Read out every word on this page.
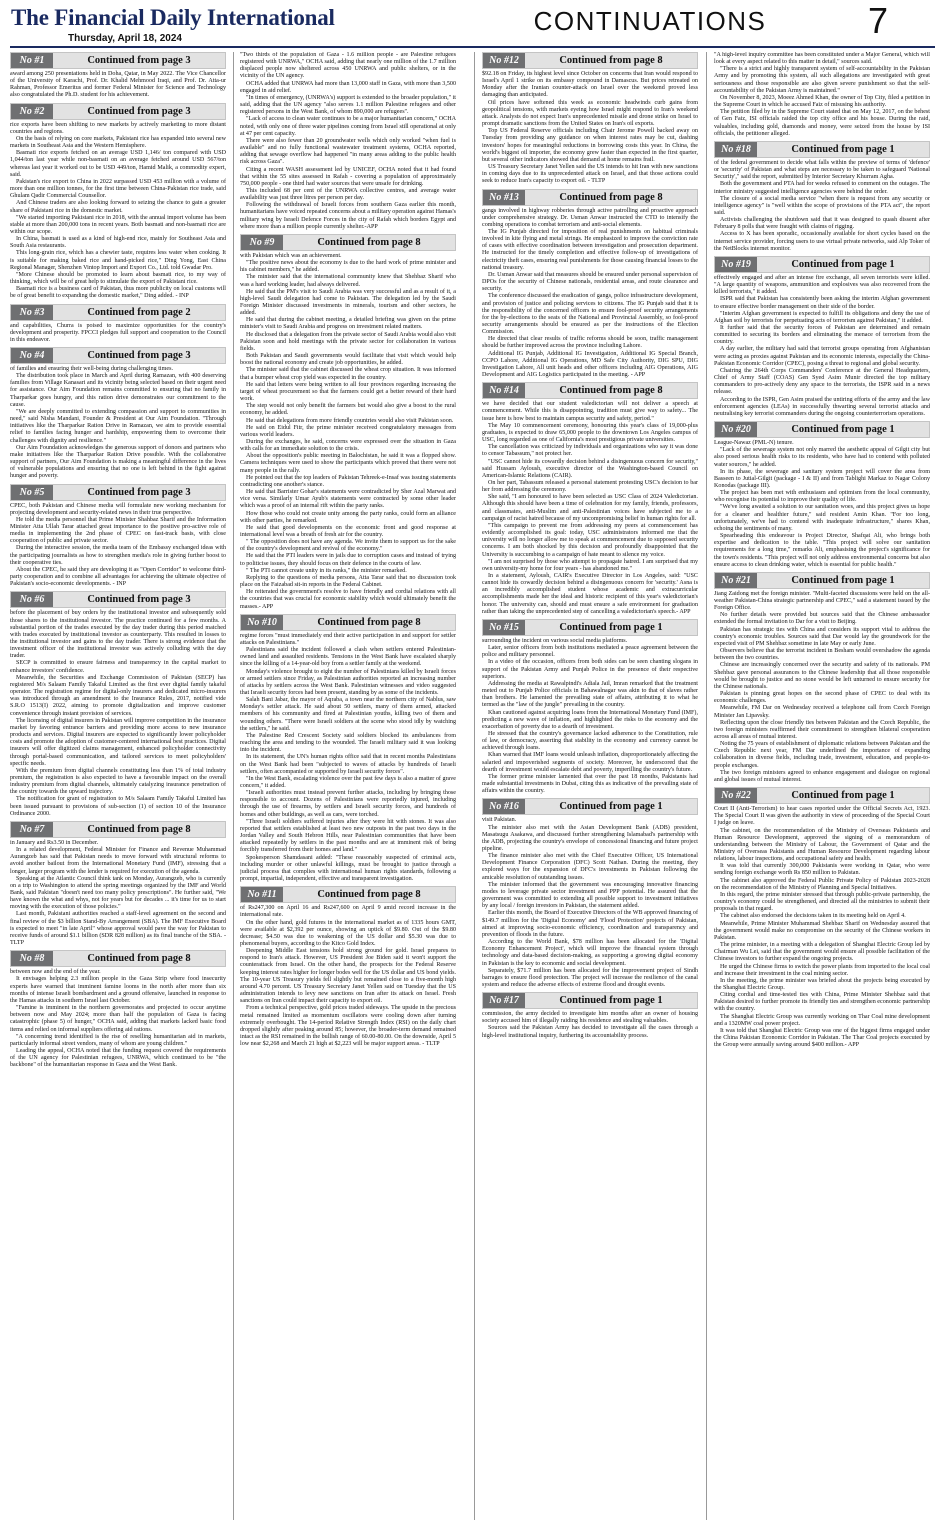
The Financial Daily International
Thursday, April 18, 2024
CONTINUATIONS	7
No #1	Continued from page 3

award among 250 presentations held in Doha, Qatar, in May 2022. The Vice Chancellor of the University of Karachi, Prof. Dr. Khalid Mehmood Iraqi, and Prof. Dr. Atta-ur Rahman, Professor Emeritus and former Federal Minister for Science and Technology also congratulated the Ph.D. student for his achievement.

No #2	Continued from page 3

rice exports have been shifting to new markets by actively marketing to more distant countries and regions.

On the basis of relying on core markets, Pakistani rice has expanded into several new markets in Southeast Asia and the Western Hemisphere.

Basmati rice exports fetched on an average USD 1,146/ ton compared with USD 1,044/ton last year while non-basmati on an average fetched around USD 567/ton whereas last year it worked out to be USD 449/ton, Hamid Malik, a commodity expert, said.

Pakistan's rice export to China in 2022 surpassed USD 453 million with a volume of more than one million tonnes, for the first time between China-Pakistan rice trade, said Ghulam Qadir Commercial Counsellor.

And Chinese traders are also looking forward to seizing the chance to gain a greater share of Pakistani rice in the domestic market.

"We started importing Pakistani rice in 2018, with the annual import volume has been stable at more than 200,000 tons in recent years. Both basmati and non-basmati rice are within our scope.

In China, basmati is used as a kind of high-end rice, mainly for Southeast Asia and South Asia restaurants.

This long-grain rice, which has a chewier taste, requires less water when cooking. It is suitable for making baked rice and hand-picked rice," Ding Yong, East China Regional Manager, Shenzhen Vintop Import and Export Co., Ltd. told Gwadar Pro.

"More Chinese should be promoted to learn about basmati rice, to my way of thinking, which will be of great help to stimulate the export of Pakistani rice.

Basmati rice is a business card of Pakistan, thus more publicity on local customs will be of great benefit to expanding the domestic market," Ding added. - INP

No #3	Continued from page 2

and capabilities, Churra is poised to maximize opportunities for the country's development and prosperity. FPCCI pledges full support and cooperation to the Council in this endeavor.

No #4	Continued from page 3

of families and ensuring their well-being during challenging times.

The distribution took place in March and April during Ramazan, with 400 deserving families from Village Kanasari and its vicinity being selected based on their urgent need for assistance. Our Aim Foundation remains committed to ensuring that no family in Tharparkar goes hungry, and this ration drive demonstrates our commitment to the cause.

"We are deeply committed to extending compassion and support to communities in need," said Nisha Mandani, Founder & President at Our Aim Foundation. "Through initiatives like the Tharparkar Ration Drive in Ramazan, we aim to provide essential relief to families facing hunger and hardship, empowering them to overcome their challenges with dignity and resilience."

Our Aim Foundation acknowledges the generous support of donors and partners who make initiatives like the Tharparkar Ration Drive possible. With the collaborative support of partners, Our Aim Foundation is making a meaningful difference in the lives of vulnerable populations and ensuring that no one is left behind in the fight against hunger and poverty.

No #5	Continued from page 3

CPEC, both Pakistan and Chinese media will formulate new working mechanism for projecting development and security-related news in their true perspective.

He told the media personnel that Prime Minister Shahbaz Sharif and the Information Minister Atta Ullah Tarar attached great importance to the positive pro-active role of media in implementing the 2nd phase of CPEC on fast-track basis, with close cooperation of public and private sector.

During the interactive session, the media team of the Embassy exchanged ideas with the participating journalists as how to strengthen media's role in giving further boost to their cooperative ties.

About the CPEC, he said they are developing it as "Open Corridor" to welcome third-party cooperation and to combine all advantages for achieving the ultimate objective of Pakistan's socio-economic developments. - INP

No #6	Continued from page 3

before the placement of buy orders by the institutional investor and subsequently sold those shares to the institutional investor. The practice continued for a few months. A substantial portion of the trades executed by the day trader during this period matched with trades executed by institutional investor as counterparty. This resulted in losses to the institutional investor and gains to the day trader. There is strong evidence that the investment officer of the institutional investor was actively colluding with the day trader.

SECP is committed to ensure fairness and transparency in the capital market to enhance investors' confidence.

Meanwhile, the Securities and Exchange Commission of Pakistan (SECP) has registered M/s Salaam Family Takaful Limited as the first ever digital family takaful operator. The registration regime for digital-only insurers and dedicated micro-insurers was introduced through an amendment to the Insurance Rules, 2017, notified vide S.R.O 1513(I) 2022, aiming to promote digitalization and improve customer convenience through instant provision of services.

The licensing of digital insurers in Pakistan will improve competition in the insurance market by favoring entrance barriers and providing more access to new insurance products and services. Digital insurers are expected to significantly lower policyholder costs and promote the adoption of customer-centered international best practices. Digital insurers will offer digitized claims management, enhanced policyholder connectivity through portal-based communication, and tailored services to meet policyholders' specific needs.

With the premium from digital channels constituting less than 1% of total industry premium, the registration is also expected to have a favourable impact on the overall industry premium from digital channels, ultimately catalyzing insurance penetration of the country towards the upward trajectory.

The notification for grant of registration to M/s Salaam Family Takaful Limited has been issued pursuant to provisions of sub-section (1) of section 10 of the Insurance Ordinance 2000.

No #7	Continued from page 8

in January and Rs3.50 in December.

In a related development, Federal Minister for Finance and Revenue Muhammad Aurangzeb has said that Pakistan needs to move forward with structural reforms to avoid another bailout from the International Monetary Fund (IMF), stressing that a longer, larger program with the lender is required for execution of the agenda.

Speaking at the Atlantic Council think tank on Monday, Aurangzeb, who is currently on a trip to Washington to attend the spring meetings organized by the IMF and World Bank, said Pakistan "doesn't need too many policy prescriptions". He further said, "We have known the what and whys, not for years but for decades ... it's time for us to start moving with the execution of those policies."

Last month, Pakistani authorities reached a staff-level agreement on the second and final review of the $3 billion Stand-By Arrangement (SBA). The IMF Executive Board is expected to meet "in late April" whose approval would pave the way for Pakistan to receive funds of around $1.1 billion (SDR 828 million) as its final tranche of the SBA. - TLTP

No #8	Continued from page 8

between now and the end of the year.

It envisages helping 2.3 million people in the Gaza Strip where food insecurity experts have warned that imminent famine looms in the north after more than six months of intense Israeli bombardment and a ground offensive, launched in response to the Hamas attacks in southern Israel last October.

"Famine is imminent in the northern governorates and projected to occur anytime between now and May 2024; more than half the population of Gaza is facing catastrophic (phase 5) of hunger," OCHA said, adding that markets lacked basic food items and relied on informal suppliers offering aid rations.

"A concerning trend identified is the rise of reselling humanitarian aid in markets, particularly informal street vendors, many of whom are young children."

Leading the appeal, OCHA noted that the funding request covered the requirements of the UN agency for Palestinian refugees, UNRWA, which continued to be "the backbone" of the humanitarian response in Gaza and the West Bank.

"Two thirds of the population of Gaza - 1.6 million people - are Palestine refugees registered with UNRWA," OCHA said, adding that nearly one million of the 1.7 million displaced people now sheltered across 450 UNRWA and public shelters, or in the vicinity of the UN agency.

OCHA added that UNRWA had more than 13,000 staff in Gaza, with more than 3,500 engaged in aid relief.

"In times of emergency, (UNRWA's) support is extended to the broader population," it said, adding that the UN agency "also serves 1.1 million Palestine refugees and other registered persons in the West Bank, of whom 890,000 are refugees".

"Lack of access to clean water continues to be a major humanitarian concern," OCHA noted, with only one of three water pipelines coming from Israel still operational at only at 47 per cent capacity.

There were also fewer than 20 groundwater wells which only worked "when fuel is available" and no fully functional wastewater treatment systems, OCHA reported, adding that sewage overflow had happened "in many areas adding to the public health risk across Gaza".

Citing a recent WASH assessment led by UNICEF, OCHA noted that it had found that within the 55 sites assessed in Rafah - covering a population of approximately 750,000 people - one third had water sources that were unsafe for drinking.

This included 68 per cent of the UNRWA collective centres, and average water availability was just three litres per person per day.

Following the withdrawal of Israeli forces from southern Gaza earlier this month, humanitarians have voiced repeated concerns about a military operation against Hamas's military wing by Israeli Defence Forces in the city of Rafah which borders Egypt and where more than a million people currently shelter.-APP

No #9	Continued from page 8

with Pakistan which was an achievement.

"The positive news about the economy is due to the hard work of prime minister and his cabinet members," he added.

The minister said that the international community knew that Shehbaz Sharif who was a hard working leader, had always delivered.

He said that the PM's visit to Saudi Arabia was very successful and as a result of it, a high-level Saudi delegation had come to Pakistan. The delegation led by the Saudi Foreign Minister discussed investments in minerals, tourism and other sectors, he added.

He said that during the cabinet meeting, a detailed briefing was given on the prime minister's visit to Saudi Arabia and progress on investment related matters.

He disclosed that a delegation from the private sector of Saudi Arabia would also visit Pakistan soon and hold meetings with the private sector for collaboration in various fields.

Both Pakistan and Saudi governments would facilitate that visit which would help boost the national economy and create job opportunities, he added.

The minister said that the cabinet discussed the wheat crop situation. It was informed that a bumper wheat crop yield was expected in the country.

He said that letters were being written to all four provinces regarding increasing the target of wheat procurement so that the farmers could get a better reward of their hard work.

The step would not only benefit the farmers but would also give a boost to the rural economy, he added.

He said that delegations from more friendly countries would also visit Pakistan soon.

He said on Eidul Fitr, the prime minister received congratulatory messages from various world leaders.

During the exchanges, he said, concerns were expressed over the situation in Gaza with calls for an immediate solution to the crisis.

About the opposition's public meeting in Balochistan, he said it was a flopped show. Camera techniques were used to show the participants which proved that there were not many people in the rally.

He pointed out that the top leaders of Pakistan Tehreek-e-Insaf was issuing statements contradicting one another's stance.

He said that Barrister Gohar's statements were contradicted by Sher Azal Marwat and vice versa. Similarly Umar Ayub's statements were contracted by some other leader which was a proof of an internal rift within the party ranks.

How those who could not create unity among the party ranks, could form an alliance with other parties, he remarked.

He said that good developments on the economic front and good response at international level was a breath of fresh air for the country.

" The opposition does not have any agenda. We invite them to support us for the sake of the country's development and revival of the economy."

He said that the PTI leaders were in jails due to corruption cases and instead of trying to politicise issues, they should focus on their defence in the courts of law.

" The PTI cannot create unity in its ranks," the minister remarked.

Replying to the questions of media persons, Atta Tarar said that no discussion took place on the Faizabad sit-in reports in the Federal Cabinet.

He reiterated the government's resolve to have friendly and cordial relations with all the countries that was crucial for economic stability which would ultimately benefit the masses.- APP

No #10	Continued from page 8

regime forces "must immediately end their active participation in and support for settler attacks on Palestinians."

Palestinians said the incident followed a clash when settlers entered Palestinian-owned land and assaulted residents. Tensions in the West Bank have escalated sharply since the killing of a 14-year-old boy from a settler family at the weekend.

Monday's violence brought to eight the number of Palestinians killed by Israeli forces or armed settlers since Friday, as Palestinian authorities reported an increasing number of attacks by settlers across the West Bank. Palestinian witnesses and video suggested that Israeli security forces had been present, standing by as some of the incidents.

Salah Bani Jabar, the mayor of Aqraba, a town near the northern city of Nablus, saw Monday's settler attack. He said about 50 settlers, many of them armed, attacked members of his community and fired at Palestinian youths, killing two of them and wounding others. "There were Israeli soldiers at the scene who stood idly by watching the settlers," he said.

The Palestine Red Crescent Society said soldiers blocked its ambulances from reaching the area and tending to the wounded. The Israeli military said it was looking into the incident.

In its statement, the UN's human rights office said that in recent months Palestinians on the West Bank had been "subjected to waves of attacks by hundreds of Israeli settlers, often accompanied or supported by Israeli security forces".

"In the West Bank, escalating violence over the past few days is also a matter of grave concern," it added.

"Israeli authorities must instead prevent further attacks, including by bringing those responsible to account. Dozens of Palestinians were reportedly injured, including through the use of firearms, by settlers and Israeli security forces, and hundreds of homes and other buildings, as well as cars, were torched.

"Three Israeli soldiers suffered injuries after they were hit with stones. It was also reported that settlers established at least two new outposts in the past two days in the Jordan Valley and South Hebron Hills, near Palestinian communities that have been attacked repeatedly by settlers in the past months and are at imminent risk of being forcibly transferred from their homes and land."

Spokesperson Shamdasani added: "These reasonably suspected of criminal acts, including murder or other unlawful killings, must be brought to justice through a judicial process that complies with international human rights standards, following a prompt, impartial, independent, effective and transparent investigation.

No #11	Continued from page 8

of Rs247,300 on April 16 and Rs247,600 on April 9 amid record increase in the international rate.

On the other hand, gold futures in the international market as of 1335 hours GMT, were available at $2,392 per ounce, showing an uptick of $9.80. Out of the $9.80 decrease; $4.50 was due to weakening of the US dollar and $5.30 was due to phenomenal buyers, according to the Kitco Gold Index.

Deepening Middle East tensions hold strong ground for gold. Israel prepares to respond to Iran's attack. However, US President Joe Biden said it won't support the counterattack from Israel. On the other hand, the prospects for the Federal Reserve keeping interest rates higher for longer bodes well for the US dollar and US bond yields. The 10-year US Treasury yields fell slightly but remained close to a five-month high around 4.70 percent. US Treasury Secretary Janet Yellen said on Tuesday that the US administration intends to levy new sanctions on Iran after its attack on Israel. Fresh sanctions on Iran could impact their capacity to export oil.

From a technical perspective, gold prices traded sideways. The upside in the precious metal remained limited as momentum oscillators were cooling down after turning extremely overbought. The 14-period Relative Strength Index (RSI) on the daily chart dropped slightly after peaking around 85; however, the broader-term demand remained intact as the RSI remained in the bullish range of 60.00-80.00. On the downside, April 5 low near $2,268 and March 21 high at $2,223 will be major support areas. - TLTP

No #12	Continued from page 8

$92.18 on Friday, its highest level since October on concerns that Iran would respond to Israel's April 1 strike on its embassy compound in Damascus. But prices retreated on Monday after the Iranian counter-attack on Israel over the weekend proved less damaging than anticipated.

Oil prices have softened this week as economic headwinds curb gains from geopolitical tensions, with markets eyeing how Israel might respond to Iran's weekend attack. Analysts do not expect Iran's unprecedented missile and drone strike on Israel to prompt dramatic sanctions from the United States on Iran's oil exports.

Top US Federal Reserve officials including Chair Jerome Powell backed away on Tuesday from providing any guidance on when interest rates may be cut, dashing investors' hopes for meaningful reductions in borrowing costs this year. In China, the world's biggest oil importer, the economy grew faster than expected in the first quarter, but several other indicators showed that demand at home remains frail.

US Treasury Secretary Janet Yellen said the US intends to hit Iran with new sanctions in coming days due to its unprecedented attack on Israel, and that those actions could seek to reduce Iran's capacity to export oil. - TLTP

No #13	Continued from page 8

gangs involved in highway robberies through active patrolling and proactive approach under comprehensive strategy. Dr. Usman Anwar instructed the CTD to intensify the combing operations to combat terrorism and anti-social elements.

The IG Punjab directed for imposition of real punishments on habitual criminals involved in kite flying and metal strings. He emphasized to improve the conviction rate of cases with effective coordination between investigation and prosecution department. He instructed for the timely completion and effective follow-up of investigations of electricity theft cases, ensuring real punishments for those causing financial losses to the national treasury.

Dr. Usman Anwar said that measures should be ensured under personal supervision of DPOs for the security of Chinese nationals, residential areas, and route clearance and security.

The conference discussed the eradication of gangs, police infrastructure development, and provision of justice and policing services to citizens. The IG Punjab said that it is the responsibility of the concerned officers to ensure fool-proof security arrangements for the by-elections to the seats of the National and Provincial Assembly, so fool-proof security arrangements should be ensured as per the instructions of the Election Commission.

He directed that clear results of traffic reforms should be soon, traffic management should be further improved across the province including Lahore.

Additional IG Punjab, Additional IG Investigation, Additional IG Special Branch, CCPO Lahore, Additional IG Operations, MD Safe City Authority, DIG SPU, DIG Investigation Lahore, All unit heads and other officers including AIG Operations, AIG Development and AIG Logistics participated in the meeting. - APP

No #14	Continued from page 8

we have decided that our student valedictorian will not deliver a speech at commencement. While this is disappointing, tradition must give way to safety... The issue here is how best to maintain campus security and safety, period."

The May 10 commencement ceremony, honouring this year's class of 19,000-plus graduates, is expected to draw 65,000 people to the downtown Los Angeles campus of USC, long regarded as one of California's most prestigious private universities.

The cancellation was criticized by individuals and organizations who say it was done to censor Tabassum," not protect her.

"USC cannot hide its cowardly decision behind a disingenuous concern for security," said Hussam Ayloush, executive director of the Washington-based Council on American-Islamic Relations (CAIR).

On her part, Tabassum released a personal statement protesting USC's decision to bar her from addressing the ceremony.

She said, "I am honoured to have been selected as USC Class of 2024 Valedictorian. Although this should have been a time of celebration for my family, friends, professors, and classmates, anti-Muslim and anti-Palestinian voices have subjected me to a campaign of racist hatred because of my uncompromising belief in human rights for all.

"This campaign to prevent me from addressing my peers at commencement has evidently accomplished its goal: today, USC administrators informed me that the university will no longer allow me to speak at commencement due to supposed security concerns. I am both shocked by this decision and profoundly disappointed that the University is succumbing to a campaign of hate meant to silence my voice.

"I am not surprised by those who attempt to propagate hatred. I am surprised that my own university-my home for four years - has abandoned me."

In a statement, Ayloush, CAIR's Executive Director in Los Angeles, said: "USC cannot hide its cowardly decision behind a disingenuous concern for 'security.' Asna is an incredibly accomplished student whose academic and extracurricular accomplishments made her the ideal and historic recipient of this year's valedictorian's honor. The university can, should and must ensure a safe environment for graduation rather than taking the unprecedented step of cancelling a valedictorian's speech.- APP

No #15	Continued from page 1

surrounding the incident on various social media platforms.

Later, senior officers from both institutions mediated a peace agreement between the police and military personnel.

In a video of the occasion, officers from both sides can be seen chanting slogans in support of the Pakistan Army and Punjab Police in the presence of their respective superiors.

Addressing the media at Rawalpindi's Adiala Jail, Imran remarked that the treatment meted out to Punjab Police officials in Bahawalnagar was akin to that of slaves rather than brothers. He lamented the prevailing state of affairs, attributing it to what he termed as the "law of the jungle" prevailing in the country.

Khan cautioned against acquiring loans from the International Monetary Fund (IMF), predicting a new wave of inflation, and highlighted the risks to the economy and the exacerbation of poverty due to a dearth of investment.

He stressed that the country's governance lacked adherence to the Constitution, rule of law, or democracy, asserting that stability in the economy and currency cannot be achieved through loans.

Khan warned that IMF loans would unleash inflation, disproportionately affecting the salaried and impoverished segments of society. Moreover, he underscored that the dearth of investment would escalate debt and poverty, imperilling the country's future.

The former prime minister lamented that over the past 18 months, Pakistanis had made substantial investments in Dubai, citing this as indicative of the prevailing state of affairs within the country.

No #16	Continued from page 1

visit Pakistan.

The minister also met with the Asian Development Bank (ADB) president, Masatsugu Asakawa, and discussed further strengthening Islamabad's partnership with the ADB, projecting the country's envelope of concessional financing and future project pipeline.

The finance minister also met with the Chief Executive Officer, US International Development Finance Corporation (DFC) Scott Nathan. During the meeting, they explored ways for the expansion of DFC's investments in Pakistan following the amicable resolution of outstanding issues.

The minister informed that the government was encouraging innovative financing modes to leverage private sector investment and PPP potential. He assured that the government was committed to extending all possible support to investment initiatives by any local / foreign investors in Pakistan, the statement added.

Earlier this month, the Board of Executive Directors of the WB approved financing of $149.7 million for the 'Digital Economy' and 'Flood Protection' projects of Pakistan, aimed at improving socio-economic efficiency, coordination and transparency and prevention of floods in the future.

According to the World Bank, $78 million has been allocated for the 'Digital Economy Enhancement Project', which will improve the financial system through technology and data-based decision-making, as supporting a growing digital economy in Pakistan is the key to economic and social development.

Separately, $71.7 million has been allocated for the improvement project of Sindh barrages to ensure flood protection. The project will increase the resilience of the canal system and reduce the adverse effects of extreme flood and drought events.

No #17	Continued from page 1

commission, the army decided to investigate him months after an owner of housing society accused him of illegally raiding his residence and stealing valuables.

Sources said the Pakistan Army has decided to investigate all the cases through a high-level institutional inquiry, furthering its accountability process.

"A high-level inquiry committee has been constituted under a Major General, which will look at every aspect related to this matter in detail," sources said.

"There is a strict and highly transparent system of self-accountability in the Pakistan Army and by promoting this system, all such allegations are investigated with great seriousness and those responsible are also given severe punishment so that the self-accountability of the Pakistan Army is maintained."

On November 8, 2023, Moeez Ahmed Khan, the owner of Top City, filed a petition in the Supreme Court in which he accused Faiz of misusing his authority.

The petition filed by in the Supreme Court stated that on May 12, 2017, on the behest of Gen Faiz, ISI officials raided the top city office and his house. During the raid, valuables, including gold, diamonds and money, were seized from the house by ISI officials, the petitioner alleged.

No #18	Continued from page 1

of the federal government to decide what falls within the preview of terms of 'defence' or 'security' of Pakistan and what steps are necessary to be taken to safeguard 'National Security'," said the report, submitted by Interior Secretary Khurram Agha.

Both the government and PTA had for weeks refused to comment on the outages. The interior ministry suggested intelligence agencies were behind the order.

The closure of a social media service "when there is request from any security or intelligence agency" is "well within the scope of provisions of the PTA act", the report said.

Activists challenging the shutdown said that it was designed to quash dissent after February 8 polls that were fraught with claims of rigging.

Access to X has been sporadic, occasionally available for short cycles based on the internet service provider, forcing users to use virtual private networks, said Alp Toker of the NetBlocks internet monitor.

No #19	Continued from page 1

effectively engaged and after an intense fire exchange, all seven terrorists were killed. "A large quantity of weapons, ammunition and explosives was also recovered from the killed terrorists," it added.

ISPR said that Pakistan has consistently been asking the interim Afghan government to ensure effective border management on their side of the border.

"Interim Afghan government is expected to fulfill its obligations and deny the use of Afghan soil by terrorists for perpetuating acts of terrorism against Pakistan," it added.

It further said that the security forces of Pakistan are determined and remain committed to securing its borders and eliminating the menace of terrorism from the country.

A day earlier, the military had said that terrorist groups operating from Afghanistan were acting as proxies against Pakistan and its economic interests, especially the China-Pakistan Economic Corridor (CPEC), posing a threat to regional and global security.

Chairing the 264th Corps Commanders' Conference at the General Headquarters, Chief of Army Staff (COAS) Gen Syed Asim Munir directed the top military commanders to pro-actively deny any space to the terrorists, the ISPR said in a news release.

According to the ISPR, Gen Asim praised the untiring efforts of the army and the law enforcement agencies (LEAs) in successfully thwarting several terrorist attacks and neutralising key terrorist commanders during the ongoing counterterrorism operations.

No #20	Continued from page 1

League-Nawaz (PML-N) tenure.

"Lack of the sewerage system not only marred the aesthetic appeal of Gilgit city but also posed serious health risks to its residents, who have had to contend with polluted water sources," he added.

In its phase, the sewerage and sanitary system project will cover the area from Basseen to Jutial-Gilgit (package - I & II) and from Tablighi Markaz to Nagar Colony Konodas (package III).

The project has been met with enthusiasm and optimism from the local community, who recognise its potential to improve their quality of life.

"We've long awaited a solution to our sanitation woes, and this project gives us hope for a cleaner and healthier future," said resident Amin Khan. "For too long, unfortunately, we've had to contend with inadequate infrastructure," shares Khan, echoing the sentiments of many.

Spearheading this endeavour is Project Director, Shafqat Ali, who brings both expertise and dedication to the table. "This project will solve our sanitation requirements for a long time," remarks Ali, emphasising the project's significance for the town's residents. "This project will not only address environmental concerns but also ensure access to clean drinking water, which is essential for public health."

No #21	Continued from page 1

Jiang Zaidong met the foreign minister. "Multi-faceted discussions were held on the all-weather Pakistan-China strategic partnership and CPEC," said a statement issued by the Foreign Office.

No further details were provided but sources said that the Chinese ambassador extended the formal invitation to Dar for a visit to Beijing.

Pakistan has strategic ties with China and considers its support vital to address the country's economic troubles. Sources said that Dar would lay the groundwork for the expected visit of PM Shehbaz sometime in late May or early June.

Observers believe that the terrorist incident in Besham would overshadow the agenda between the two countries.

Chinese are increasingly concerned over the security and safety of its nationals. PM Shehbaz gave personal assurances to the Chinese leadership that all those responsible would be brought to justice and no stone would be left unturned to ensure security for the Chinese nationals.

Pakistan is pinning great hopes on the second phase of CPEC to deal with its economic challenges.

Meanwhile, FM Dar on Wednesday received a telephone call from Czech Foreign Minister Jan Lipavsky.

Reflecting upon the close friendly ties between Pakistan and the Czech Republic, the two foreign ministers reaffirmed their commitment to strengthen bilateral cooperation across all areas of mutual interest.

Noting the 75 years of establishment of diplomatic relations between Pakistan and the Czech Republic next year, FM Dar underlined the importance of expanding collaboration in diverse fields, including trade, investment, education, and people-to-people exchanges.

The two foreign ministers agreed to enhance engagement and dialogue on regional and global issues of mutual interest.

No #22	Continued from page 1

Court II (Anti-Terrorism) to hear cases reported under the Official Secrets Act, 1923. The Special Court II was given the authority in view of proceeding of the Special Court I judge on leave.

The cabinet, on the recommendation of the Ministry of Overseas Pakistanis and Human Resource Development, approved the signing of a memorandum of understanding between the Ministry of Labour, the Government of Qatar and the Ministry of Overseas Pakistanis and Human Resource Development regarding labour relations, labour inspections, and occupational safety and health.

It was told that currently 300,000 Pakistanis were working in Qatar, who were sending foreign exchange worth Rs 850 million to Pakistan.

The cabinet also approved the Federal Public Private Policy of Pakistan 2023-2028 on the recommendation of the Ministry of Planning and Special Initiatives.

In this regard, the prime minister stressed that through public-private partnership, the country's economy could be strengthened, and directed all the ministries to submit their proposals in that regard.

The cabinet also endorsed the decisions taken in its meeting held on April 4.

Meanwhile, Prime Minister Muhammad Shehbaz Sharif on Wednesday assured that the government would make no compromise on the security of the Chinese workers in Pakistan.

The prime minister, in a meeting with a delegation of Shanghai Electric Group led by Chairman Wu Lei, said that the government would ensure all possible facilitation of the Chinese investors to further expand the ongoing projects.

He urged the Chinese firms to switch the power plants from imported to the local coal and increase their investment in the coal mining sector.

In the meeting, the prime minister was briefed about the projects being executed by the Shanghai Electric Group.

Citing cordial and time-tested ties with China, Prime Minister Shehbaz said that Pakistan desired to further promote its friendly ties and strengthen economic partnership with the country.

The Shanghai Electric Group was currently working on Thar Coal mine development and a 1320MW coal power project.

It was told that Shanghai Electric Group was one of the biggest firms engaged under the China Pakistan Economic Corridor in Pakistan. The Thar Coal projects executed by the Group were annually saving around $400 million.- APP
